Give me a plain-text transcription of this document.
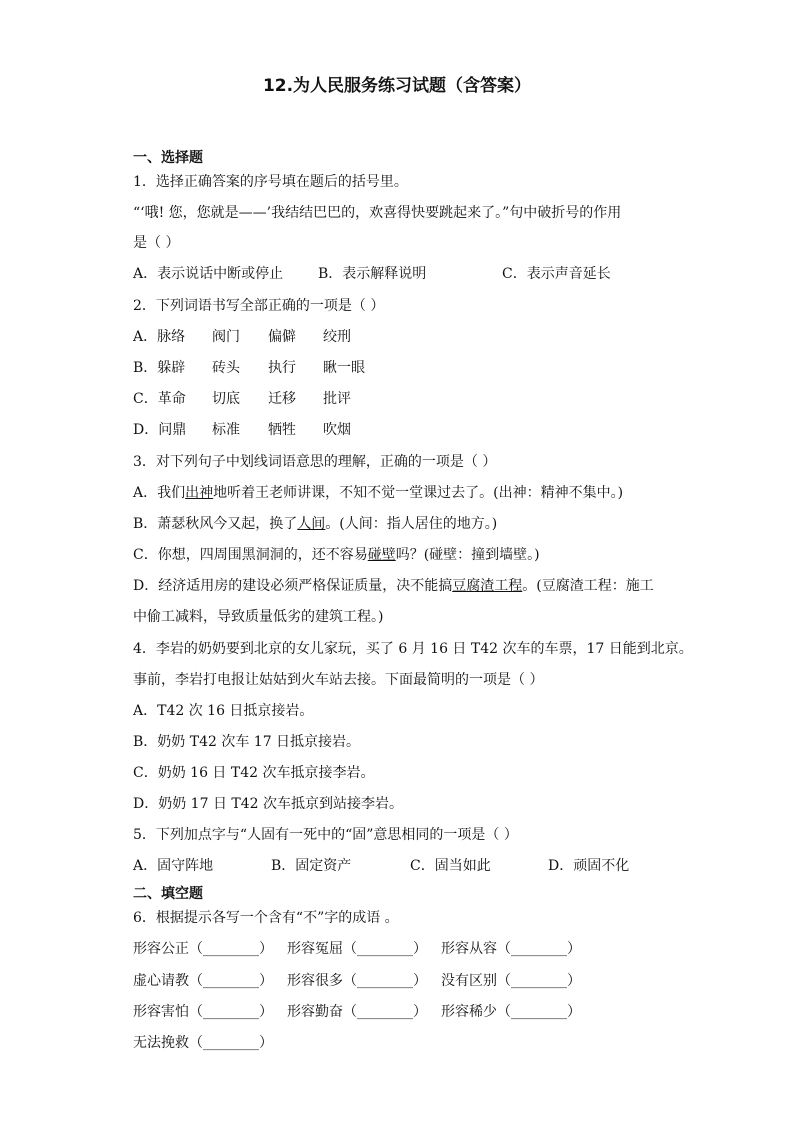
12.为人民服务练习试题（含答案）
一、选择题
1．选择正确答案的序号填在题后的括号里。
“‘哦! 您，您就是——’我结结巴巴的，欢喜得快要跳起来了。”句中破折号的作用
是（ ）
A．表示说话中断或停止 B．表示解释说明	C．表示声音延长
2．下列词语书写全部正确的一项是（ ）
A．脉络 阀门 偏僻 绞刑
B．躲辟 砖头 执行 瞅一眼
C．革命 切底 迁移 批评
D．问鼎 标准 牺牲 吹烟
3．对下列句子中划线词语意思的理解，正确的一项是（ ）
A．我们出神地听着王老师讲课，不知不觉一堂课过去了。(出神：精神不集中。)
B．萧瑟秋风今又起，换了人间。(人间：指人居住的地方。)
C．你想，四周围黑洞洞的，还不容易碰壁吗？(碰壁：撞到墙壁。)
D．经济适用房的建设必须严格保证质量，决不能搞豆腐渣工程。(豆腐渣工程：施工
中偷工减料，导致质量低劣的建筑工程。)
4．李岩的奶奶要到北京的女儿家玩，买了 6 月 16 日 T42 次车的车票，17 日能到北京。
事前，李岩打电报让姑姑到火车站去接。下面最简明的一项是（ ）
A．T42 次 16 日抵京接岩。
B．奶奶 T42 次车 17 日抵京接岩。
C．奶奶 16 日 T42 次车抵京接李岩。
D．奶奶 17 日 T42 次车抵京到站接李岩。
5．下列加点字与“人固有一死中的“固”意思相同的一项是（ ）
A．固守阵地	B．固定资产	C．固当如此	D．顽固不化
二、填空题
6．根据提示各写一个含有“不”字的成语 。
形容公正（________） 形容冤屈（________） 形容从容（________）
虚心请教（________） 形容很多（________） 没有区别（________）
形容害怕（________） 形容勤奋（________） 形容稀少（________）
无法挽救（________）
